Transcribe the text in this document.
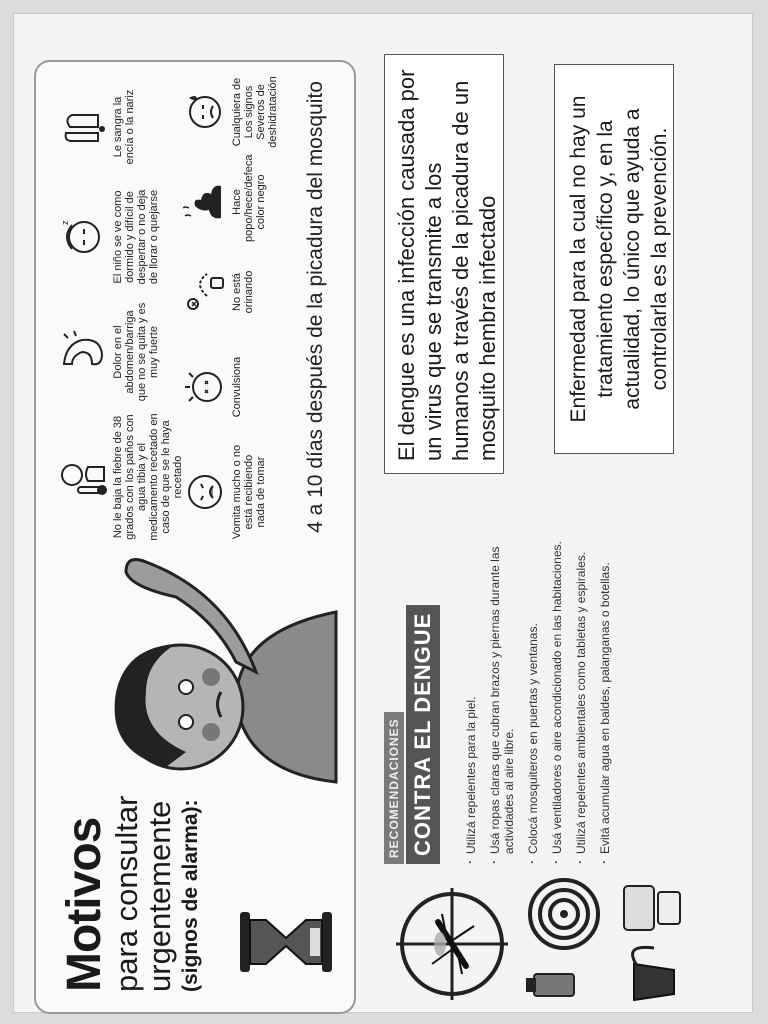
Motivos
para consultar
urgentemente (signos de alarma):
No le baja la fiebre de 38 grados con los paños con agua tibia y el medicamento recetado en caso de que se le haya recetado
Dolor en el abdomen/barriga que no se quita y es muy fuerte
z	El niño se ve como dormido y difícil de despertar o no deja de llorar o quejarse
Le sangra la encía o la nariz
Vomita mucho o no está recibiendo nada de tomar
Convulsiona
No está orinando
Hace popo/hece/defeca color negro
Cualquiera de Los signos Severos de deshidratación 4 a 10 días después de la picadura del mosquito
RECOMENDACIONES CONTRA EL DENGUE	· Utilizá repelentes para la piel. · Usá ropas claras que cubran brazos y piernas durante las actividades al aire libre. · Colocá mosquiteros en puertas y ventanas. · Usá ventiladores o aire acondicionado en las habitaciones. · Utilizá repelentes ambientales como tabletas y espirales. · Evitá acumular agua en baldes, palanganas o botellas.
El dengue es una infección causada por un virus que se transmite a los humanos a través de la picadura de un mosquito hembra infectado	Enfermedad para la cual no hay un tratamiento específico y, en la actualidad, lo único que ayuda a controlarla es la prevención.
